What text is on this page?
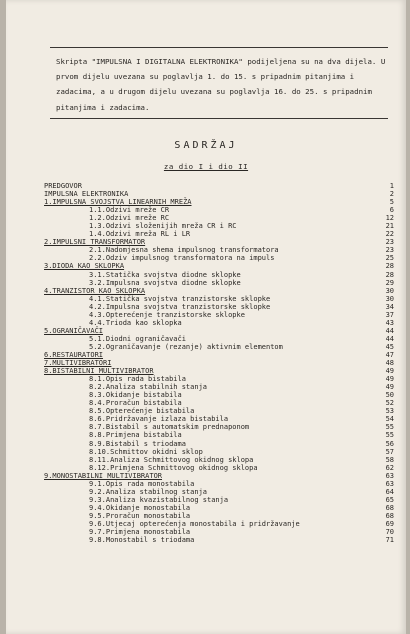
Skripta "IMPULSNA I DIGITALNA ELEKTRONIKA" podijeljena su na dva dijela. U prvom dijelu uvezana su poglavlja 1. do 15. s pripadnim pitanjima i zadacima, a u drugom dijelu uvezana su poglavlja 16. do 25. s pripadnim pitanjima i zadacima.

SADRŽAJ
za dio I i dio II
PREDGOVOR	1
IMPULSNA ELEKTRONIKA	2
1.IMPULSNA SVOJSTVA LINEARNIH MREŽA	5
1.1.Odzivi mreže CR	6
1.2.Odzivi mreže RC	12
1.3.Odzivi složenijih mreža CR i RC	21
1.4.Odzivi mreža RL i LR	22
2.IMPULSNI TRANSFORMATOR	23
2.1.Nadomjesna shema impulsnog transformatora	23
2.2.Odziv impulsnog transformatora na impuls	25
3.DIODA KAO SKLOPKA	28
3.1.Statička svojstva diodne sklopke	28
3.2.Impulsna svojstva diodne sklopke	29
4.TRANZISTOR KAO SKLOPKA	30
4.1.Statička svojstva tranzistorske sklopke	30
4.2.Impulsna svojstva tranzistorske sklopke	34
4.3.Opterećenje tranzistorske sklopke	37
4.4.Trioda kao sklopka	43
5.OGRANIČAVAČI	44
5.1.Diodni ograničavači	44
5.2.Ograničavanje (rezanje) aktivnim elementom	45
6.RESTAURATORI	47
7.MULTIVIBRATORI	48
8.BISTABILNI MULTIVIBRATOR	49
8.1.Opis rada bistabila	49
8.2.Analiza stabilnih stanja	49
8.3.Okidanje bistabila	50
8.4.Proračun bistabila	52
8.5.Opterećenje bistabila	53
8.6.Pridržavanje izlaza bistabila	54
8.7.Bistabil s automatskim prednaponom	55
8.8.Primjena bistabila	55
8.9.Bistabil s triodama	56
8.10.Schmittov okidni sklop	57
8.11.Analiza Schmittovog okidnog sklopa	58
8.12.Primjena Schmittovog okidnog sklopa	62
9.MONOSTABILNI MULTIVIBRATOR	63
9.1.Opis rada monostabila	63
9.2.Analiza stabilnog stanja	64
9.3.Analiza kvazistabilnog stanja	65
9.4.Okidanje monostabila	68
9.5.Proračun monostabila	68
9.6.Utjecaj opterećenja monostabila i pridržavanje	69
9.7.Primjena monostabila	70
9.8.Monostabil s triodama	71
